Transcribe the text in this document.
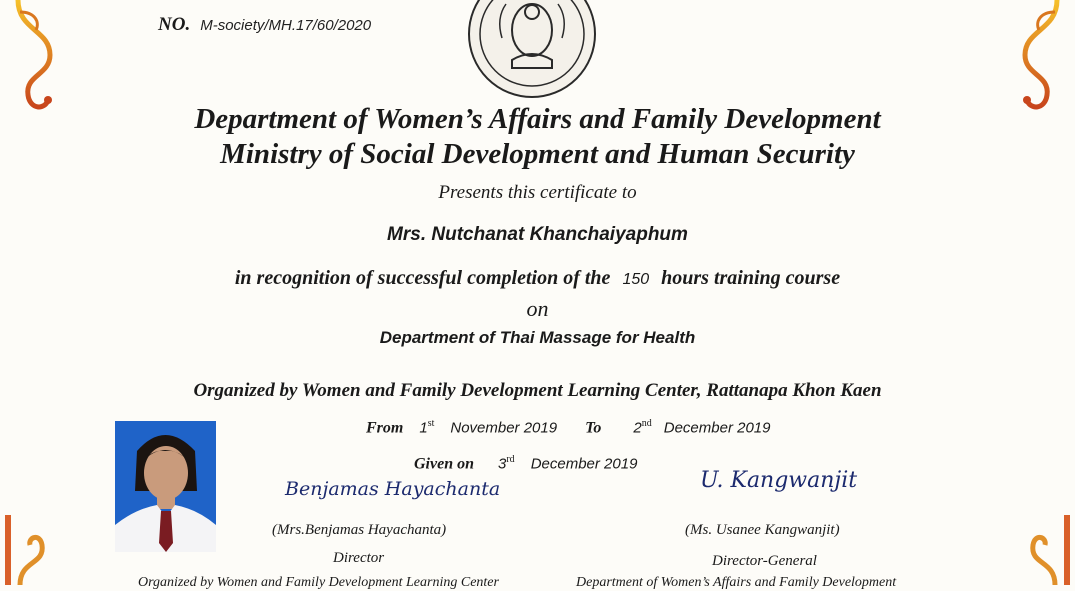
NO. M-society/MH.17/60/2020
Department of Women’s Affairs and Family Development
Ministry of Social Development and Human Security
Presents this certificate to
Mrs. Nutchanat Khanchaiyaphum
in recognition of successful completion of the 150 hours training course
on
Department of Thai Massage for Health
Organized by Women and Family Development Learning Center, Rattanapa Khon Kaen
From 1st November 2019 To 2nd December 2019
Given on 3rd December 2019
Benjamas Hayachanta	U. Kangwanjit
(Mrs.Benjamas Hayachanta)	(Ms. Usanee Kangwanjit)
Director	Director-General
Organized by Women and Family Development Learning Center	Department of Women’s Affairs and Family Development
